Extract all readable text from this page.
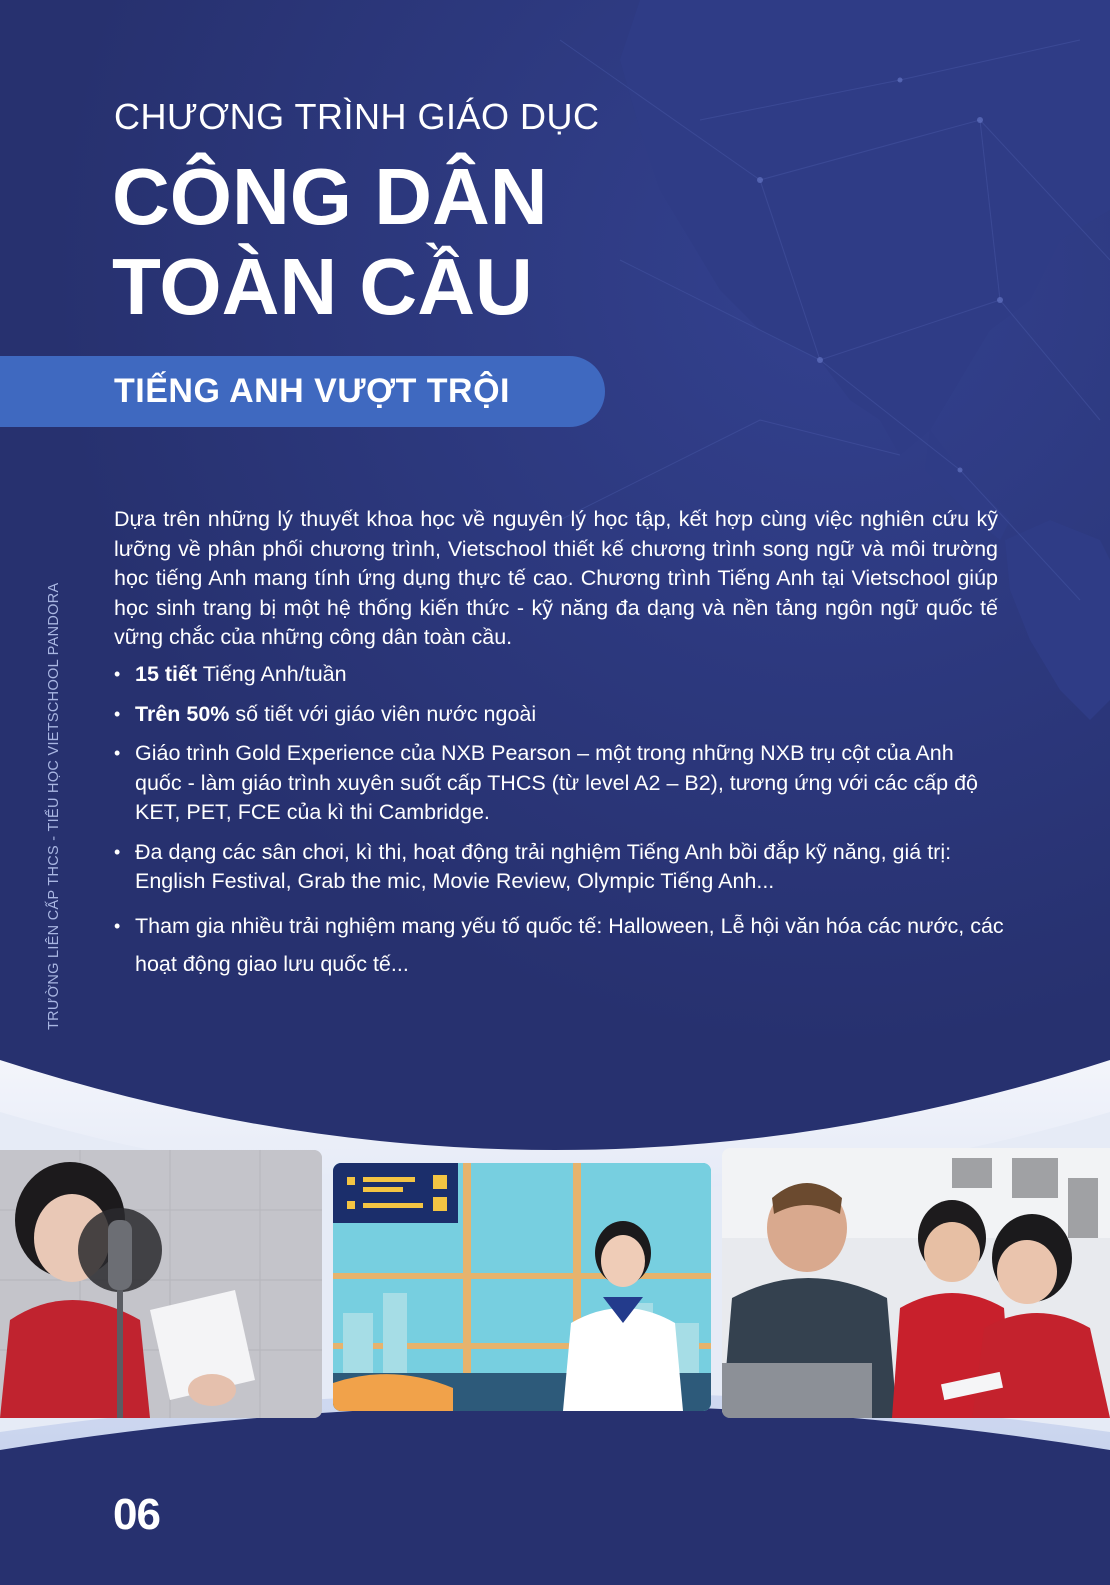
CHƯƠNG TRÌNH GIÁO DỤC
CÔNG DÂN
TOÀN CẦU
TIẾNG ANH VƯỢT TRỘI
TRƯỜNG LIÊN CẤP THCS - TIỂU HỌC VIETSCHOOL PANDORA

Dựa trên những lý thuyết khoa học về nguyên lý học tập, kết hợp cùng việc nghiên cứu kỹ lưỡng về phân phối chương trình, Vietschool thiết kế chương trình song ngữ và môi trường học tiếng Anh mang tính ứng dụng thực tế cao. Chương trình Tiếng Anh tại Vietschool giúp học sinh trang bị một hệ thống kiến thức - kỹ năng đa dạng và nền tảng ngôn ngữ quốc tế vững chắc của những công dân toàn cầu.

• 15 tiết Tiếng Anh/tuần
• Trên 50% số tiết với giáo viên nước ngoài
• Giáo trình Gold Experience của NXB Pearson – một trong những NXB trụ cột của Anh quốc - làm giáo trình xuyên suốt cấp THCS (từ level A2 – B2), tương ứng với các cấp độ KET, PET, FCE của kì thi Cambridge.
• Đa dạng các sân chơi, kì thi, hoạt động trải nghiệm Tiếng Anh bồi đắp kỹ năng, giá trị: English Festival, Grab the mic, Movie Review, Olympic Tiếng Anh...
• Tham gia nhiều trải nghiệm mang yếu tố quốc tế: Halloween, Lễ hội văn hóa các nước, các hoạt động giao lưu quốc tế...
06
